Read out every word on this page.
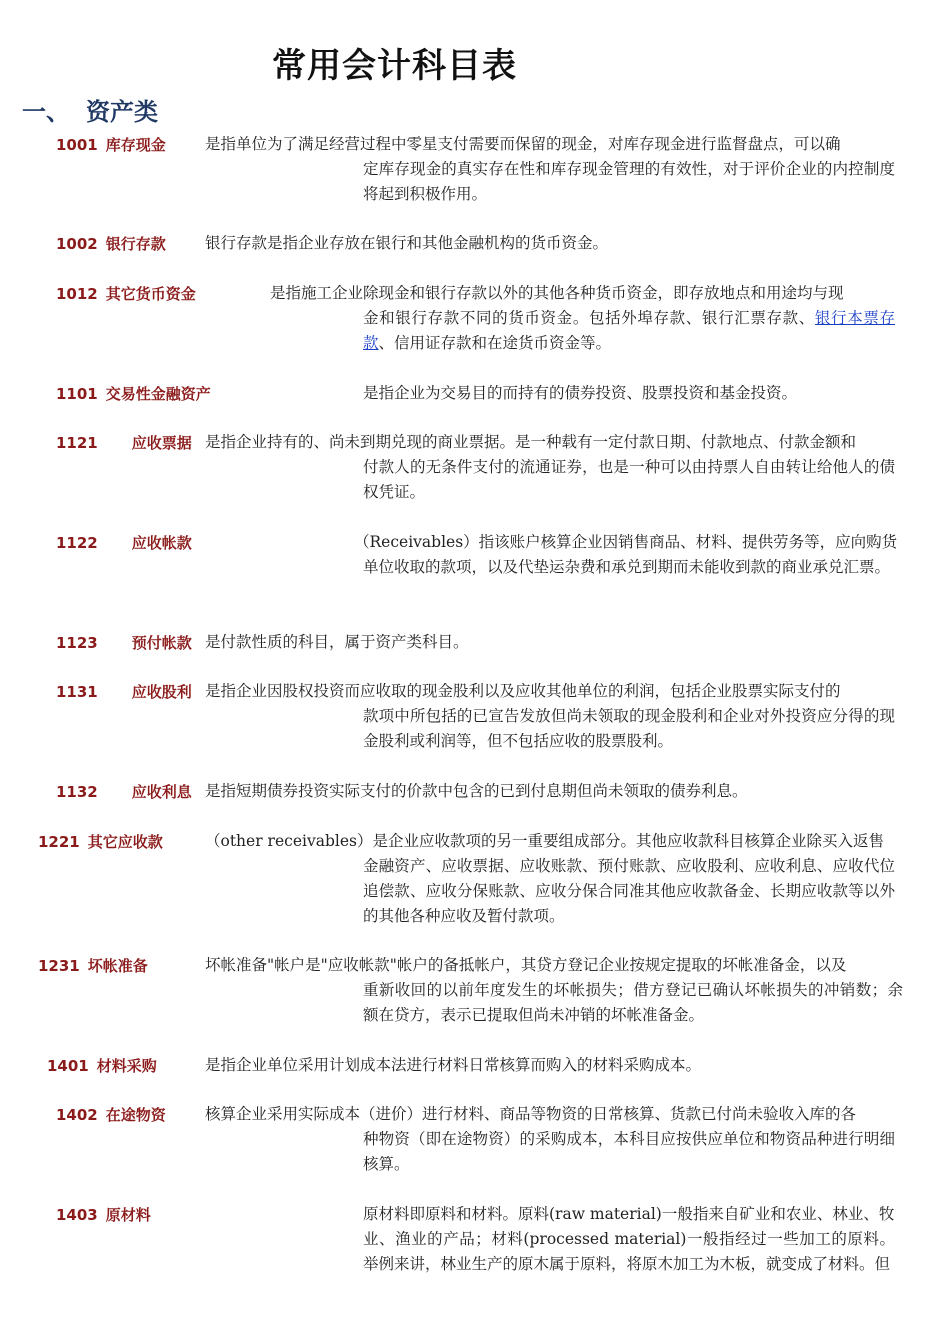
常用会计科目表
一、 资产类
1001 库存现金	是指单位为了满足经营过程中零星支付需要而保留的现金，对库存现金进行监督盘点，可以确
定库存现金的真实存在性和库存现金管理的有效性，对于评价企业的内控制度将起到积极作用。
1002 银行存款	银行存款是指企业存放在银行和其他金融机构的货币资金。
1012 其它货币资金	是指施工企业除现金和银行存款以外的其他各种货币资金，即存放地点和用途均与现
金和银行存款不同的货币资金。包括外埠存款、银行汇票存款、银行本票存款、信用证存款和在途货币资金等。
1101 交易性金融资产	是指企业为交易目的而持有的债券投资、股票投资和基金投资。
1121 应收票据 是指企业持有的、尚未到期兑现的商业票据。是一种载有一定付款日期、付款地点、付款金额和
付款人的无条件支付的流通证券，也是一种可以由持票人自由转让给他人的债权凭证。
1122 应收帐款	（Receivables）指该账户核算企业因销售商品、材料、提供劳务等，应向购货
单位收取的款项，以及代垫运杂费和承兑到期而未能收到款的商业承兑汇票。
1123 预付帐款 是付款性质的科目，属于资产类科目。
1131 应收股利 是指企业因股权投资而应收取的现金股利以及应收其他单位的利润，包括企业股票实际支付的
款项中所包括的已宣告发放但尚未领取的现金股利和企业对外投资应分得的现金股利或利润等，但不包括应收的股票股利。
1132 应收利息 是指短期债券投资实际支付的价款中包含的已到付息期但尚未领取的债券利息。
1221 其它应收款	（other receivables）是企业应收款项的另一重要组成部分。其他应收款科目核算企业除买入返售
金融资产、应收票据、应收账款、预付账款、应收股利、应收利息、应收代位追偿款、应收分保账款、应收分保合同准其他应收款备金、长期应收款等以外的其他各种应收及暂付款项。
1231 坏帐准备	坏帐准备"帐户是"应收帐款"帐户的备抵帐户，其贷方登记企业按规定提取的坏帐准备金，以及
重新收回的以前年度发生的坏帐损失；借方登记已确认坏帐损失的冲销数；余额在贷方，表示已提取但尚未冲销的坏帐准备金。
1401 材料采购	是指企业单位采用计划成本法进行材料日常核算而购入的材料采购成本。
1402 在途物资	核算企业采用实际成本（进价）进行材料、商品等物资的日常核算、货款已付尚未验收入库的各
种物资（即在途物资）的采购成本，本科目应按供应单位和物资品种进行明细核算。
1403 原材料	原材料即原料和材料。原料(raw material)一般指来自矿业和农业、林业、牧
业、渔业的产品；材料(processed material)一般指经过一些加工的原料。举例来讲，林业生产的原木属于原料，将原木加工为木板，就变成了材料。但
